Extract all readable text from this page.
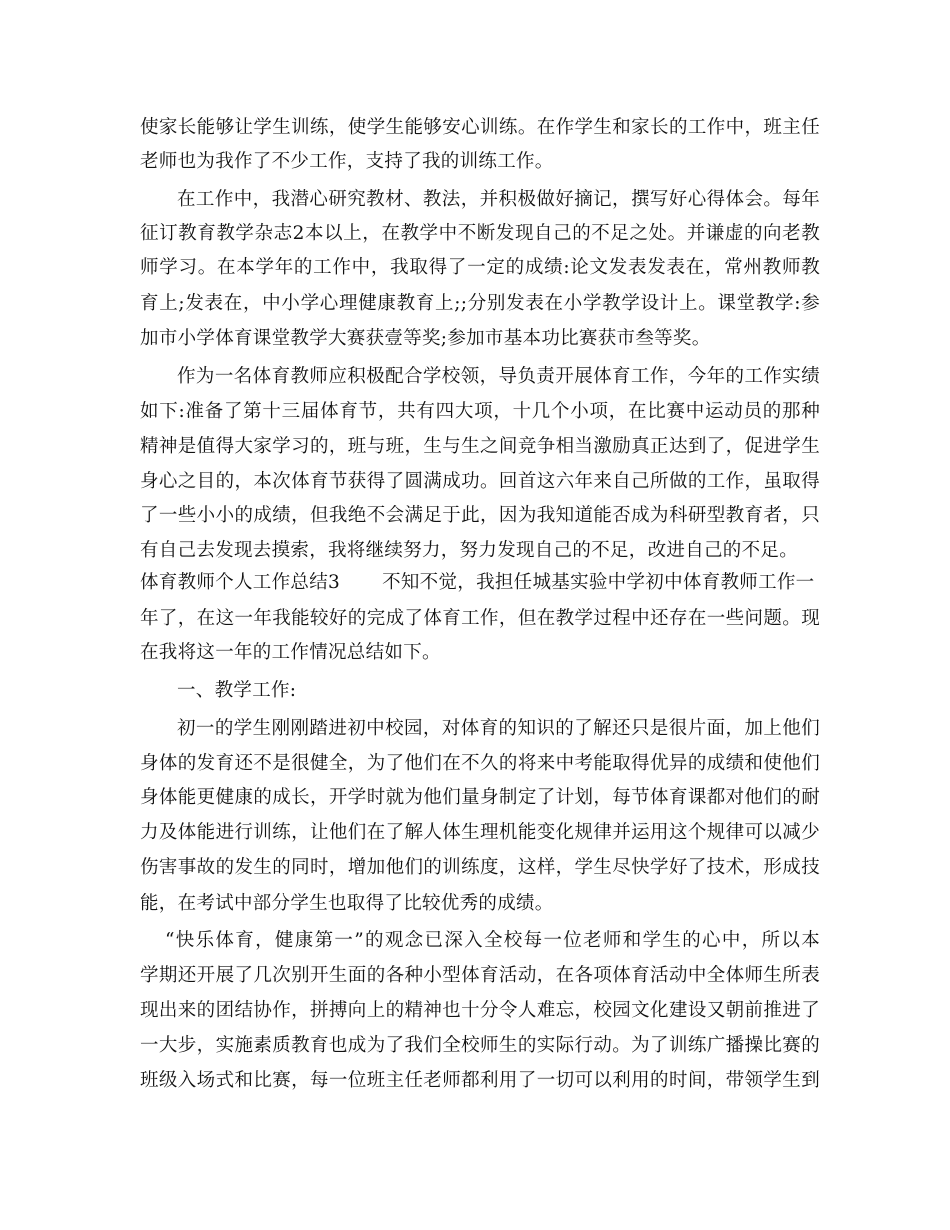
使家长能够让学生训练，使学生能够安心训练。在作学生和家长的工作中，班主任
老师也为我作了不少工作，支持了我的训练工作。
在工作中，我潜心研究教材、教法，并积极做好摘记，撰写好心得体会。每年
征订教育教学杂志2本以上，在教学中不断发现自己的不足之处。并谦虚的向老教
师学习。在本学年的工作中，我取得了一定的成绩:论文发表发表在，常州教师教
育上;发表在，中小学心理健康教育上;;分别发表在小学教学设计上。课堂教学:参
加市小学体育课堂教学大赛获壹等奖;参加市基本功比赛获市叁等奖。
作为一名体育教师应积极配合学校领，导负责开展体育工作，今年的工作实绩
如下:准备了第十三届体育节，共有四大项，十几个小项，在比赛中运动员的那种
精神是值得大家学习的，班与班，生与生之间竞争相当激励真正达到了，促进学生
身心之目的，本次体育节获得了圆满成功。回首这六年来自己所做的工作，虽取得
了一些小小的成绩，但我绝不会满足于此，因为我知道能否成为科研型教育者，只
有自己去发现去摸索，我将继续努力，努力发现自己的不足，改进自己的不足。
体育教师个人工作总结3 不知不觉，我担任城基实验中学初中体育教师工作一
年了，在这一年我能较好的完成了体育工作，但在教学过程中还存在一些问题。现
在我将这一年的工作情况总结如下。
一、教学工作:
初一的学生刚刚踏进初中校园，对体育的知识的了解还只是很片面，加上他们
身体的发育还不是很健全，为了他们在不久的将来中考能取得优异的成绩和使他们
身体能更健康的成长，开学时就为他们量身制定了计划，每节体育课都对他们的耐
力及体能进行训练，让他们在了解人体生理机能变化规律并运用这个规律可以减少
伤害事故的发生的同时，增加他们的训练度，这样，学生尽快学好了技术，形成技
能，在考试中部分学生也取得了比较优秀的成绩。
“快乐体育，健康第一”的观念已深入全校每一位老师和学生的心中，所以本
学期还开展了几次别开生面的各种小型体育活动，在各项体育活动中全体师生所表
现出来的团结协作，拼搏向上的精神也十分令人难忘，校园文化建设又朝前推进了
一大步，实施素质教育也成为了我们全校师生的实际行动。为了训练广播操比赛的
班级入场式和比赛，每一位班主任老师都利用了一切可以利用的时间，带领学生到
